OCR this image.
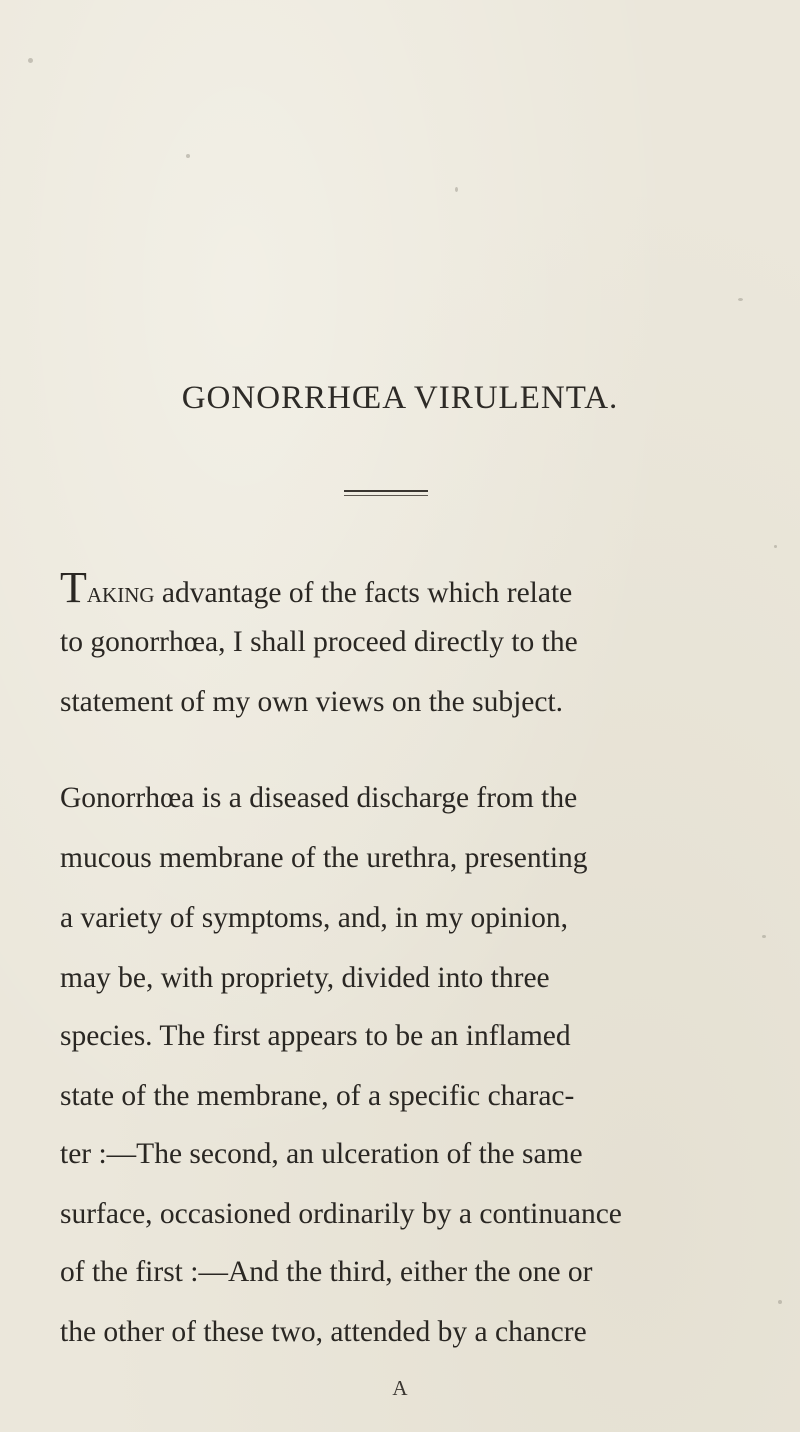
GONORRHŒA VIRULENTA.
Taking advantage of the facts which relate
to gonorrhœa, I shall proceed directly to the
statement of my own views on the subject.
Gonorrhœa is a diseased discharge from the
mucous membrane of the urethra, presenting
a variety of symptoms, and, in my opinion,
may be, with propriety, divided into three
species. The first appears to be an inflamed
state of the membrane, of a specific charac-
ter :—The second, an ulceration of the same
surface, occasioned ordinarily by a continuance
of the first :—And the third, either the one or
the other of these two, attended by a chancre
A
